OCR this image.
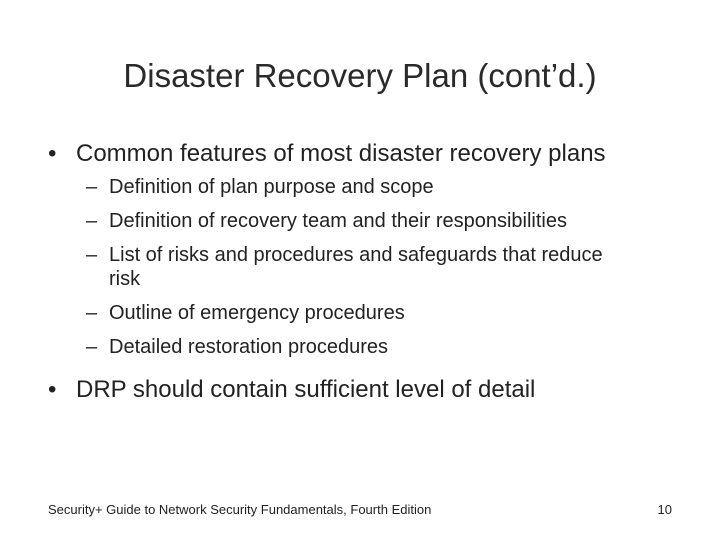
Disaster Recovery Plan (cont’d.)
• Common features of most disaster recovery plans
– Definition of plan purpose and scope
– Definition of recovery team and their responsibilities
– List of risks and procedures and safeguards that reduce risk
– Outline of emergency procedures
– Detailed restoration procedures
• DRP should contain sufficient level of detail
Security+ Guide to Network Security Fundamentals, Fourth Edition	10
